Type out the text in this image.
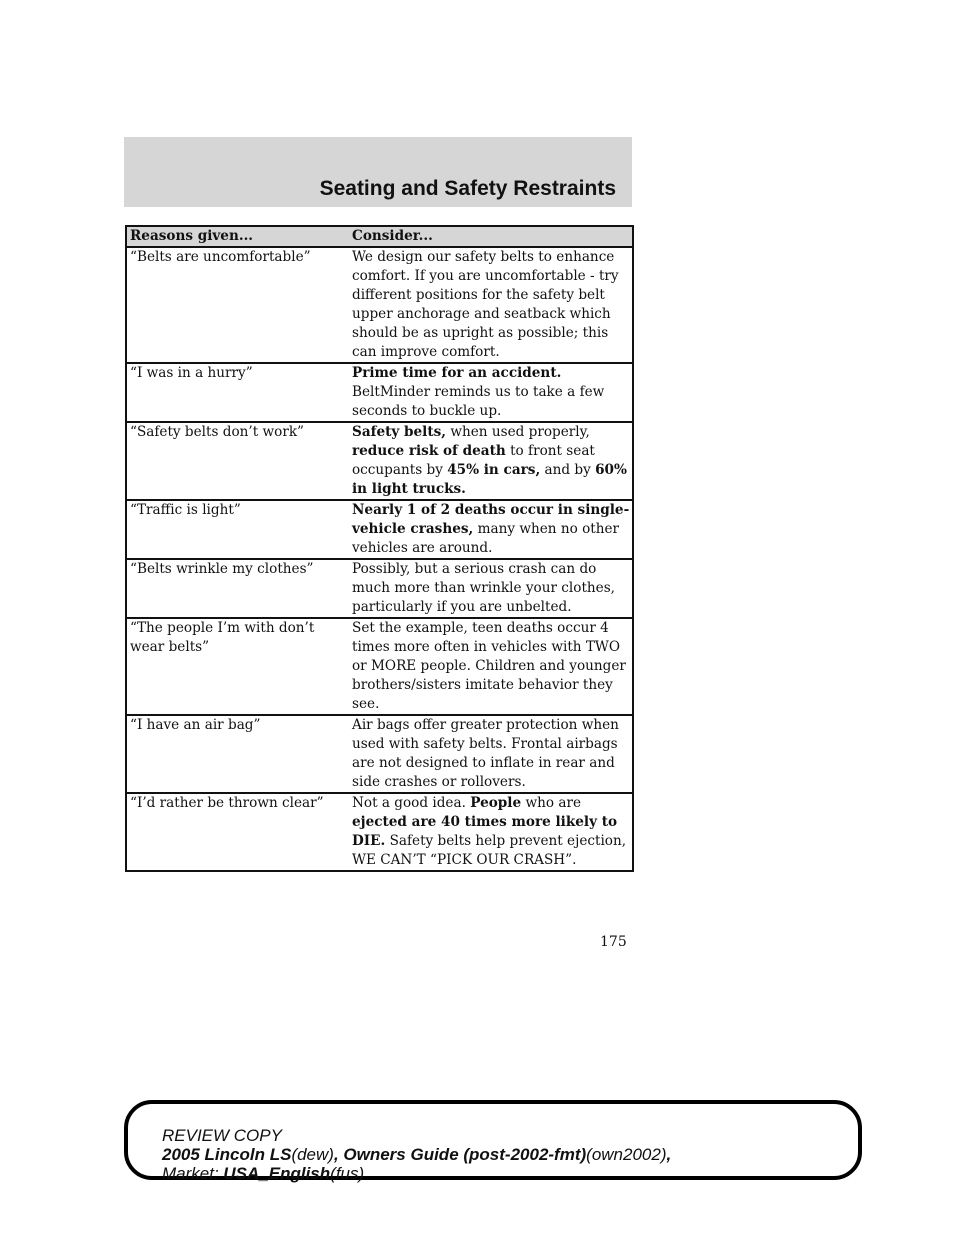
Seating and Safety Restraints
Reasons given...	Consider...
“Belts are uncomfortable”	We design our safety belts to enhance comfort. If you are uncomfortable - try different positions for the safety belt upper anchorage and seatback which should be as upright as possible; this can improve comfort.
“I was in a hurry”	Prime time for an accident. BeltMinder reminds us to take a few seconds to buckle up.
“Safety belts don’t work”	Safety belts, when used properly, reduce risk of death to front seat occupants by 45% in cars, and by 60% in light trucks.
“Traffic is light”	Nearly 1 of 2 deaths occur in single-vehicle crashes, many when no other vehicles are around.
“Belts wrinkle my clothes”	Possibly, but a serious crash can do much more than wrinkle your clothes, particularly if you are unbelted.
“The people I’m with don’t wear belts”	Set the example, teen deaths occur 4 times more often in vehicles with TWO or MORE people. Children and younger brothers/sisters imitate behavior they see.
“I have an air bag”	Air bags offer greater protection when used with safety belts. Frontal airbags are not designed to inflate in rear and side crashes or rollovers.
“I’d rather be thrown clear”	Not a good idea. People who are ejected are 40 times more likely to DIE. Safety belts help prevent ejection, WE CAN’T “PICK OUR CRASH”.
175
REVIEW COPY
2005 Lincoln LS(dew), Owners Guide (post-2002-fmt)(own2002),
Market: USA_English(fus)
